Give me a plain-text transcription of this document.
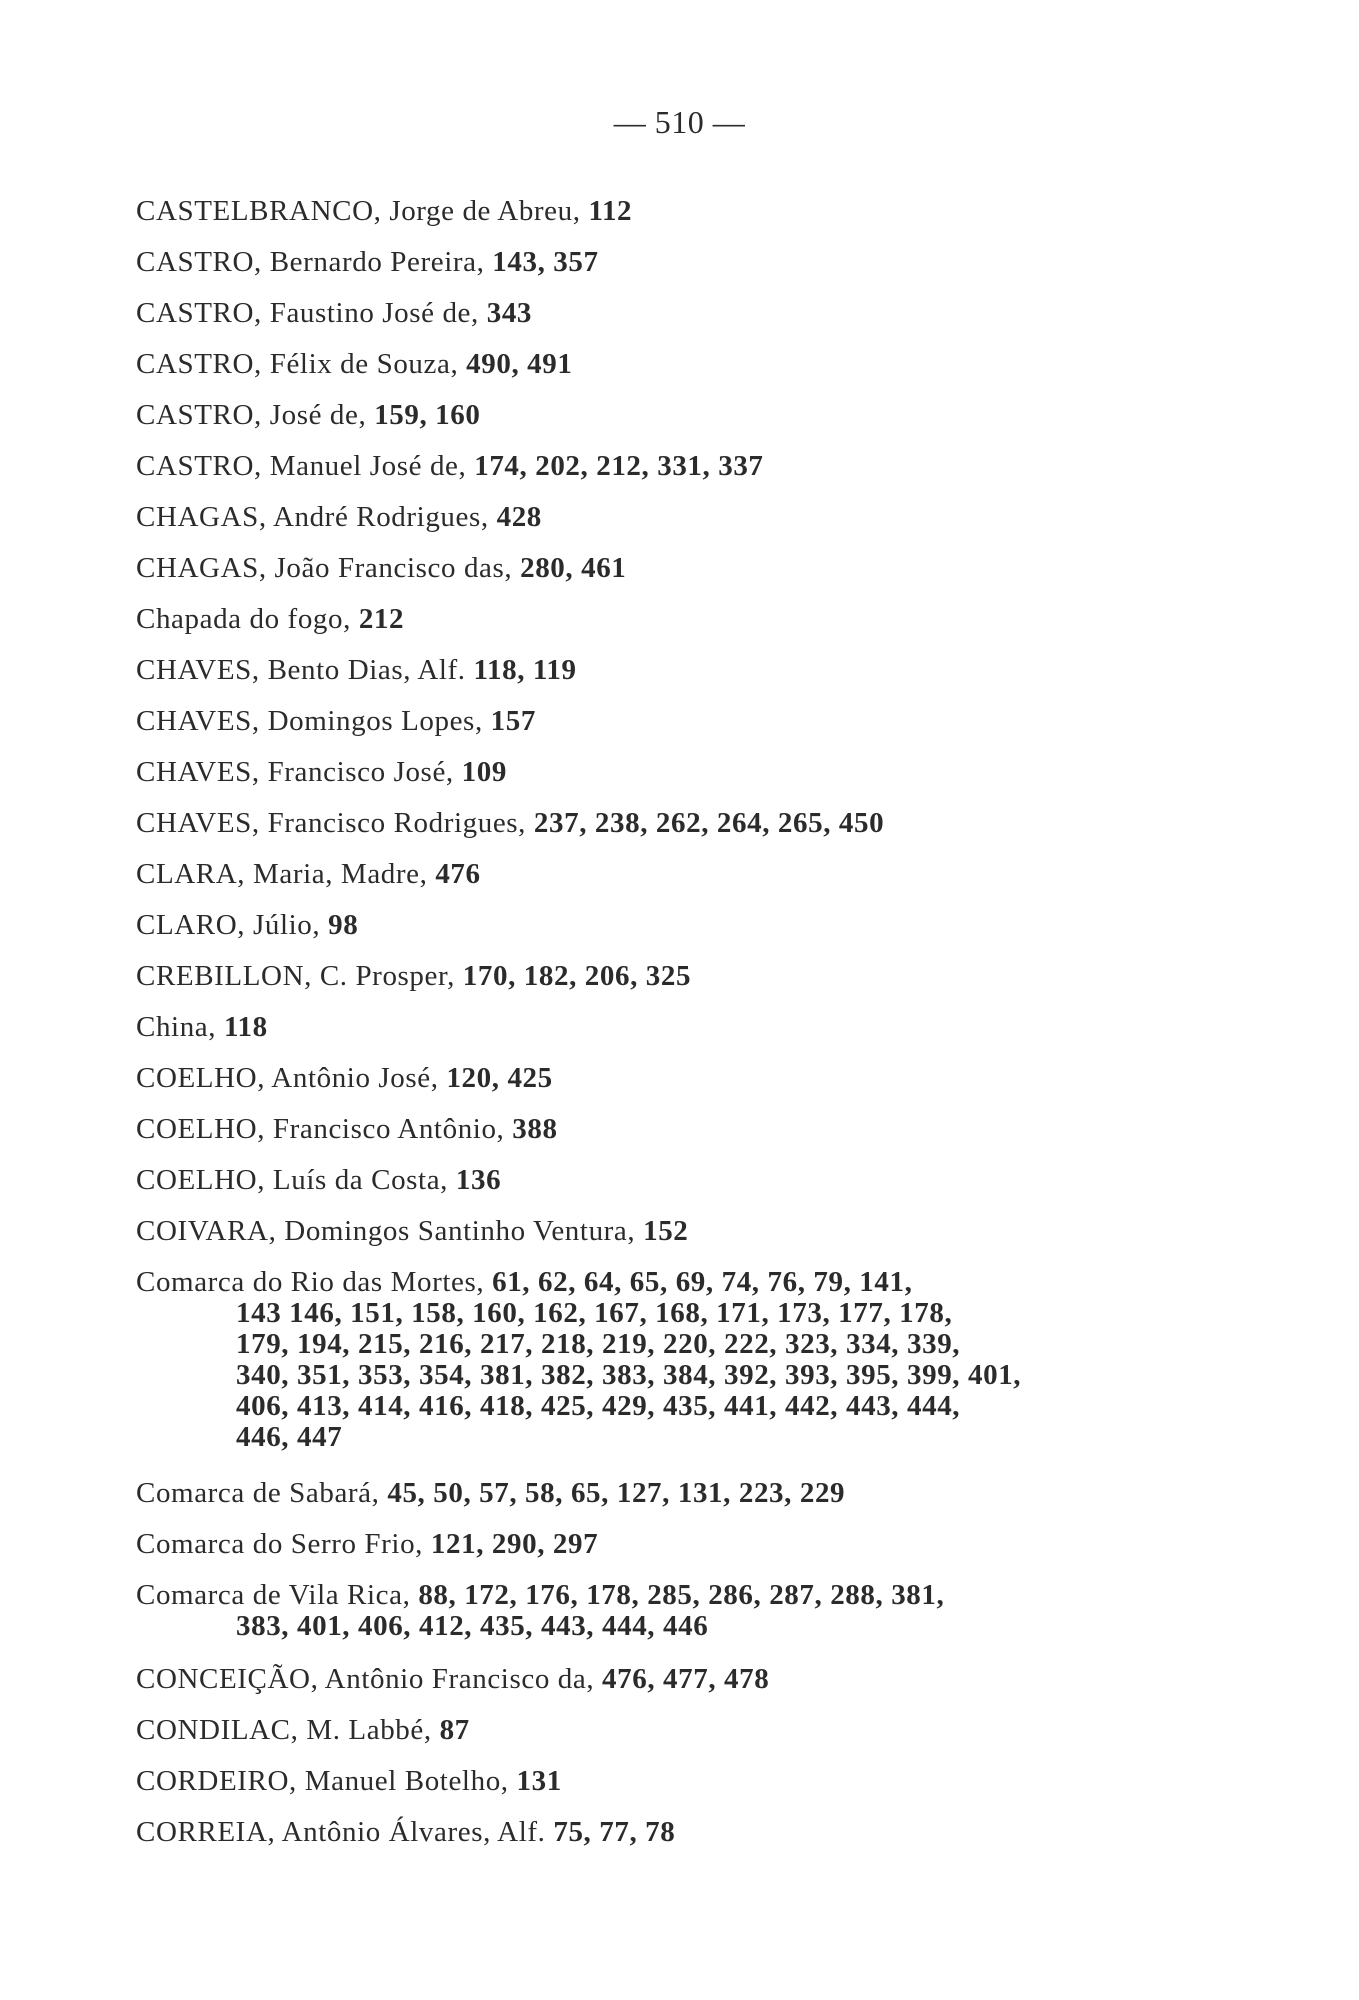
— 510 —
CASTELBRANCO, Jorge de Abreu, 112
CASTRO, Bernardo Pereira, 143, 357
CASTRO, Faustino José de, 343
CASTRO, Félix de Souza, 490, 491
CASTRO, José de, 159, 160
CASTRO, Manuel José de, 174, 202, 212, 331, 337
CHAGAS, André Rodrigues, 428
CHAGAS, João Francisco das, 280, 461
Chapada do fogo, 212
CHAVES, Bento Dias, Alf. 118, 119
CHAVES, Domingos Lopes, 157
CHAVES, Francisco José, 109
CHAVES, Francisco Rodrigues, 237, 238, 262, 264, 265, 450
CLARA, Maria, Madre, 476
CLARO, Júlio, 98
CREBILLON, C. Prosper, 170, 182, 206, 325
China, 118
COELHO, Antônio José, 120, 425
COELHO, Francisco Antônio, 388
COELHO, Luís da Costa, 136
COIVARA, Domingos Santinho Ventura, 152
Comarca do Rio das Mortes, 61, 62, 64, 65, 69, 74, 76, 79, 141,
143 146, 151, 158, 160, 162, 167, 168, 171, 173, 177, 178,
179, 194, 215, 216, 217, 218, 219, 220, 222, 323, 334, 339,
340, 351, 353, 354, 381, 382, 383, 384, 392, 393, 395, 399, 401,
406, 413, 414, 416, 418, 425, 429, 435, 441, 442, 443, 444,
446, 447
Comarca de Sabará, 45, 50, 57, 58, 65, 127, 131, 223, 229
Comarca do Serro Frio, 121, 290, 297
Comarca de Vila Rica, 88, 172, 176, 178, 285, 286, 287, 288, 381,
383, 401, 406, 412, 435, 443, 444, 446
CONCEIÇÃO, Antônio Francisco da, 476, 477, 478
CONDILAC, M. Labbé, 87
CORDEIRO, Manuel Botelho, 131
CORREIA, Antônio Álvares, Alf. 75, 77, 78
